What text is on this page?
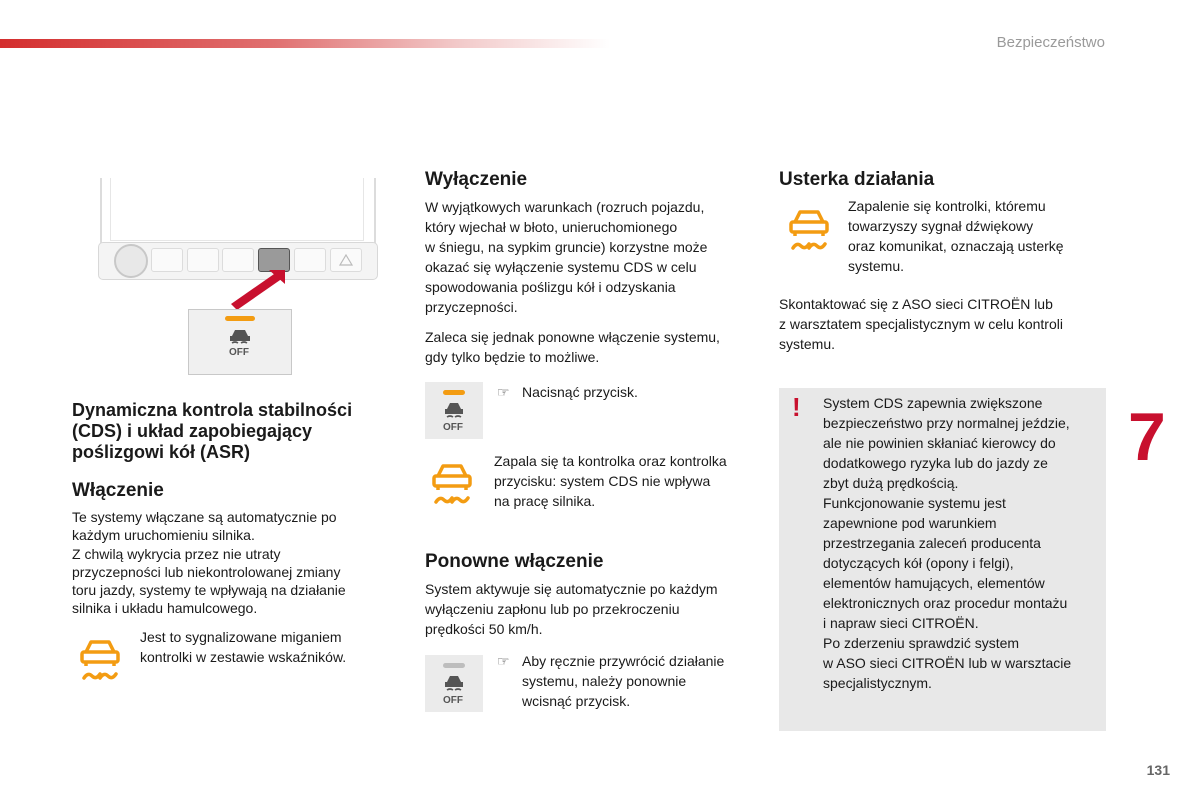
Bezpieczeństwo
OFF
Dynamiczna kontrola stabilności (CDS) i układ zapobiegający poślizgowi kół (ASR)
Włączenie

Te systemy włączane są automatycznie po

każdym uruchomieniu silnika.

Z chwilą wykrycia przez nie utraty

przyczepności lub niekontrolowanej zmiany

toru jazdy, systemy te wpływają na działanie

silnika i układu hamulcowego.

Jest to sygnalizowane miganiem

kontrolki w zestawie wskaźników.

Wyłączenie

W wyjątkowych warunkach (rozruch pojazdu,

który wjechał w błoto, unieruchomionego

w śniegu, na sypkim gruncie) korzystne może

okazać się wyłączenie systemu CDS w celu

spowodowania poślizgu kół i odzyskania

przyczepności.

Zaleca się jednak ponowne włączenie systemu,

gdy tylko będzie to możliwe.

OFF
☞ Nacisnąć przycisk.

Zapala się ta kontrolka oraz kontrolka

przycisku: system CDS nie wpływa

na pracę silnika.

Ponowne włączenie

System aktywuje się automatycznie po każdym

wyłączeniu zapłonu lub po przekroczeniu

prędkości 50 km/h.

OFF
☞ Aby ręcznie przywrócić działanie

systemu, należy ponownie

wcisnąć przycisk.

Usterka działania

Zapalenie się kontrolki, któremu

towarzyszy sygnał dźwiękowy

oraz komunikat, oznaczają usterkę

systemu.

Skontaktować się z ASO sieci CITROËN lub

z warsztatem specjalistycznym w celu kontroli

systemu.

! System CDS zapewnia zwiększone

bezpieczeństwo przy normalnej jeździe,

ale nie powinien skłaniać kierowcy do

dodatkowego ryzyka lub do jazdy ze

zbyt dużą prędkością.

Funkcjonowanie systemu jest

zapewnione pod warunkiem

przestrzegania zaleceń producenta

dotyczących kół (opony i felgi),

elementów hamujących, elementów

elektronicznych oraz procedur montażu

i napraw sieci CITROËN.

Po zderzeniu sprawdzić system

w ASO sieci CITROËN lub w warsztacie

specjalistycznym.

7
131
